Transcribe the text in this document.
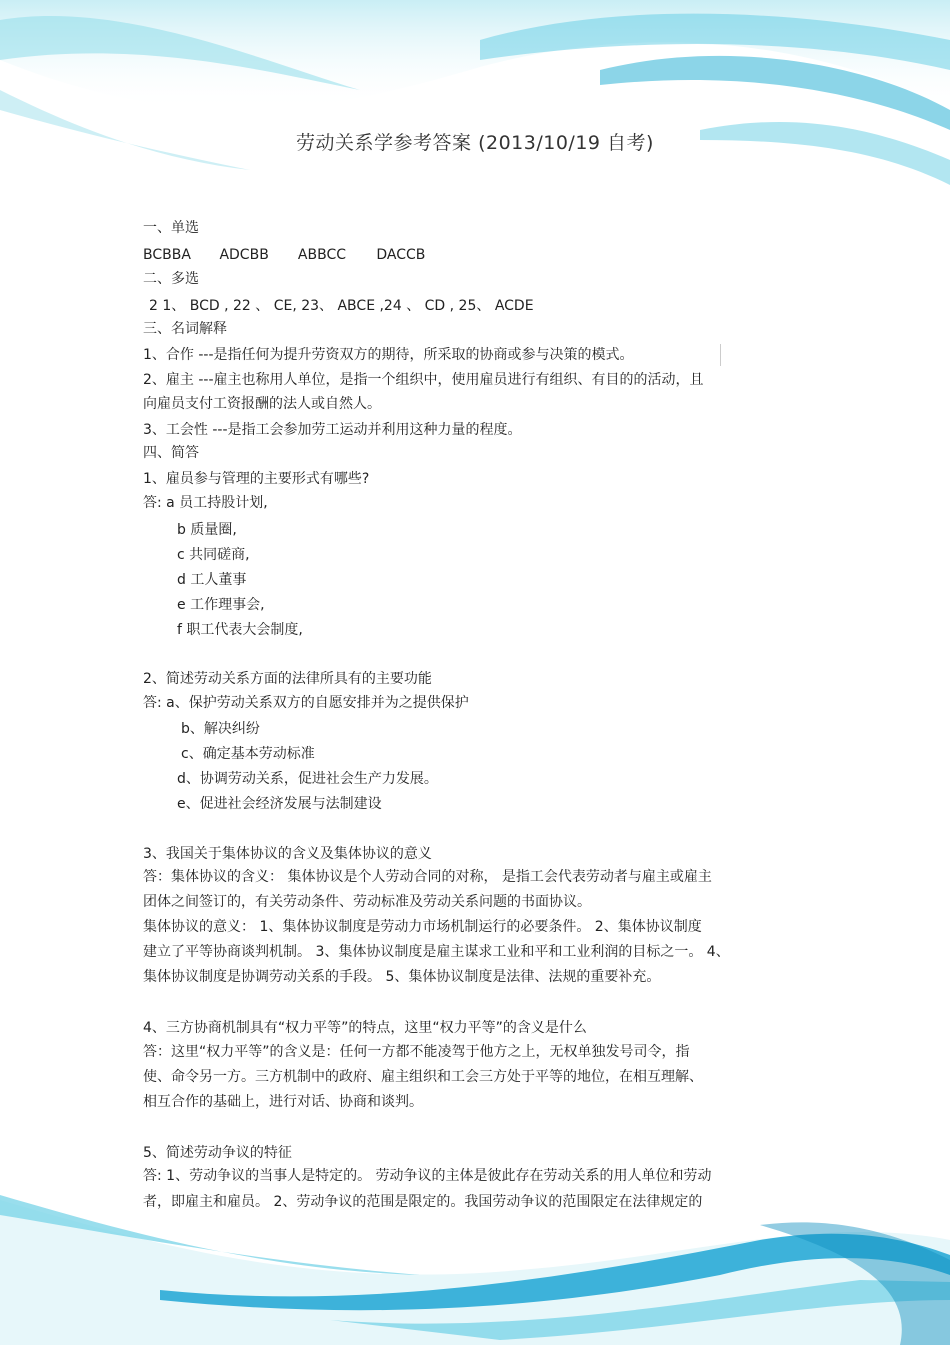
劳动关系学参考答案 (2013/10/19 自考)
一、单选
BCBBA ADCBB ABBCC DACCB
二、多选
2 1、 BCD , 22 、 CE, 23、 ABCE ,24 、 CD , 25、 ACDE
三、名词解释
1、合作 ---是指任何为提升劳资双方的期待，所采取的协商或参与决策的模式。
2、雇主 ---雇主也称用人单位，是指一个组织中，使用雇员进行有组织、有目的的活动，且
向雇员支付工资报酬的法人或自然人。
3、工会性 ---是指工会参加劳工运动并利用这种力量的程度。
四、简答
1、雇员参与管理的主要形式有哪些?
答: a 员工持股计划,
b 质量圈,
c 共同磋商,
d 工人董事
e 工作理事会,
f 职工代表大会制度,
2、简述劳动关系方面的法律所具有的主要功能
答: a、保护劳动关系双方的自愿安排并为之提供保护
b、解决纠纷
c、确定基本劳动标准
d、协调劳动关系，促进社会生产力发展。
e、促进社会经济发展与法制建设
3、我国关于集体协议的含义及集体协议的意义
答：集体协议的含义： 集体协议是个人劳动合同的对称， 是指工会代表劳动者与雇主或雇主
团体之间签订的，有关劳动条件、劳动标准及劳动关系问题的书面协议。
集体协议的意义： 1、集体协议制度是劳动力市场机制运行的必要条件。 2、集体协议制度
建立了平等协商谈判机制。 3、集体协议制度是雇主谋求工业和平和工业利润的目标之一。 4、
集体协议制度是协调劳动关系的手段。 5、集体协议制度是法律、法规的重要补充。
4、三方协商机制具有“权力平等”的特点，这里“权力平等”的含义是什么
答：这里“权力平等”的含义是：任何一方都不能凌驾于他方之上，无权单独发号司令，指
使、命令另一方。三方机制中的政府、雇主组织和工会三方处于平等的地位，在相互理解、
相互合作的基础上，进行对话、协商和谈判。
5、简述劳动争议的特征
答: 1、劳动争议的当事人是特定的。 劳动争议的主体是彼此存在劳动关系的用人单位和劳动
者，即雇主和雇员。 2、劳动争议的范围是限定的。我国劳动争议的范围限定在法律规定的
